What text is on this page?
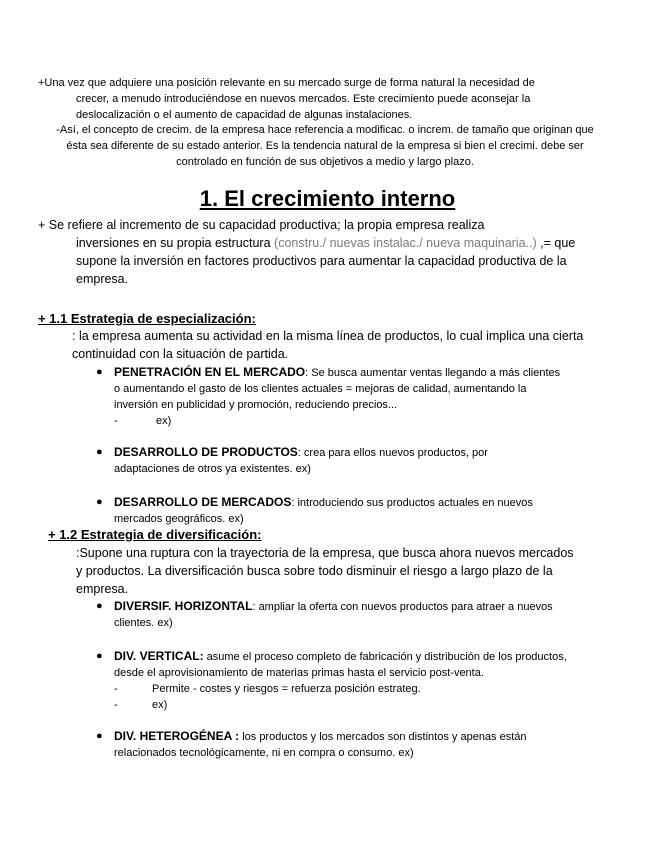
+Una vez que adquiere una posición relevante en su mercado surge de forma natural la necesidad de
crecer, a menudo introduciéndose en nuevos mercados. Este crecimiento puede aconsejar la deslocalización o el aumento de capacidad de algunas instalaciones.
-Así, el concepto de crecim. de la empresa hace referencia a modificac. o increm. de tamaño que originan que ésta sea diferente de su estado anterior. Es la tendencia natural de la empresa si bien el crecimi. debe ser controlado en función de sus objetivos a medio y largo plazo.
1. El crecimiento interno
+ Se refiere al incremento de su capacidad productiva; la propia empresa realiza
inversiones en su propia estructura (constru./ nuevas instalac./ nueva maquinaria..) ,= que supone la inversión en factores productivos para aumentar la capacidad productiva de la empresa.
+ 1.1 Estrategia de especialización:
: la empresa aumenta su actividad en la misma línea de productos, lo cual implica una cierta continuidad con la situación de partida.
● PENETRACIÓN EN EL MERCADO: Se busca aumentar ventas llegando a más clientes o aumentando el gasto de los clientes actuales = mejoras de calidad, aumentando la inversión en publicidad y promoción, reduciendo precios...
-	ex)
● DESARROLLO DE PRODUCTOS: crea para ellos nuevos productos, por adaptaciones de otros ya existentes. ex)
● DESARROLLO DE MERCADOS: introduciendo sus productos actuales en nuevos mercados geográficos. ex)
+ 1.2 Estrategia de diversificación:
:Supone una ruptura con la trayectoria de la empresa, que busca ahora nuevos mercados y productos. La diversificación busca sobre todo disminuir el riesgo a largo plazo de la empresa.
● DIVERSIF. HORIZONTAL: ampliar la oferta con nuevos productos para atraer a nuevos clientes. ex)
● DIV. VERTICAL: asume el proceso completo de fabricación y distribución de los productos, desde el aprovisionamiento de materias primas hasta el servicio post-venta.
-	Permite - costes y riesgos = refuerza posición estrateg.
-	ex)
● DIV. HETEROGÉNEA : los productos y los mercados son distintos y apenas están relacionados tecnológicamente, ni en compra o consumo. ex)
